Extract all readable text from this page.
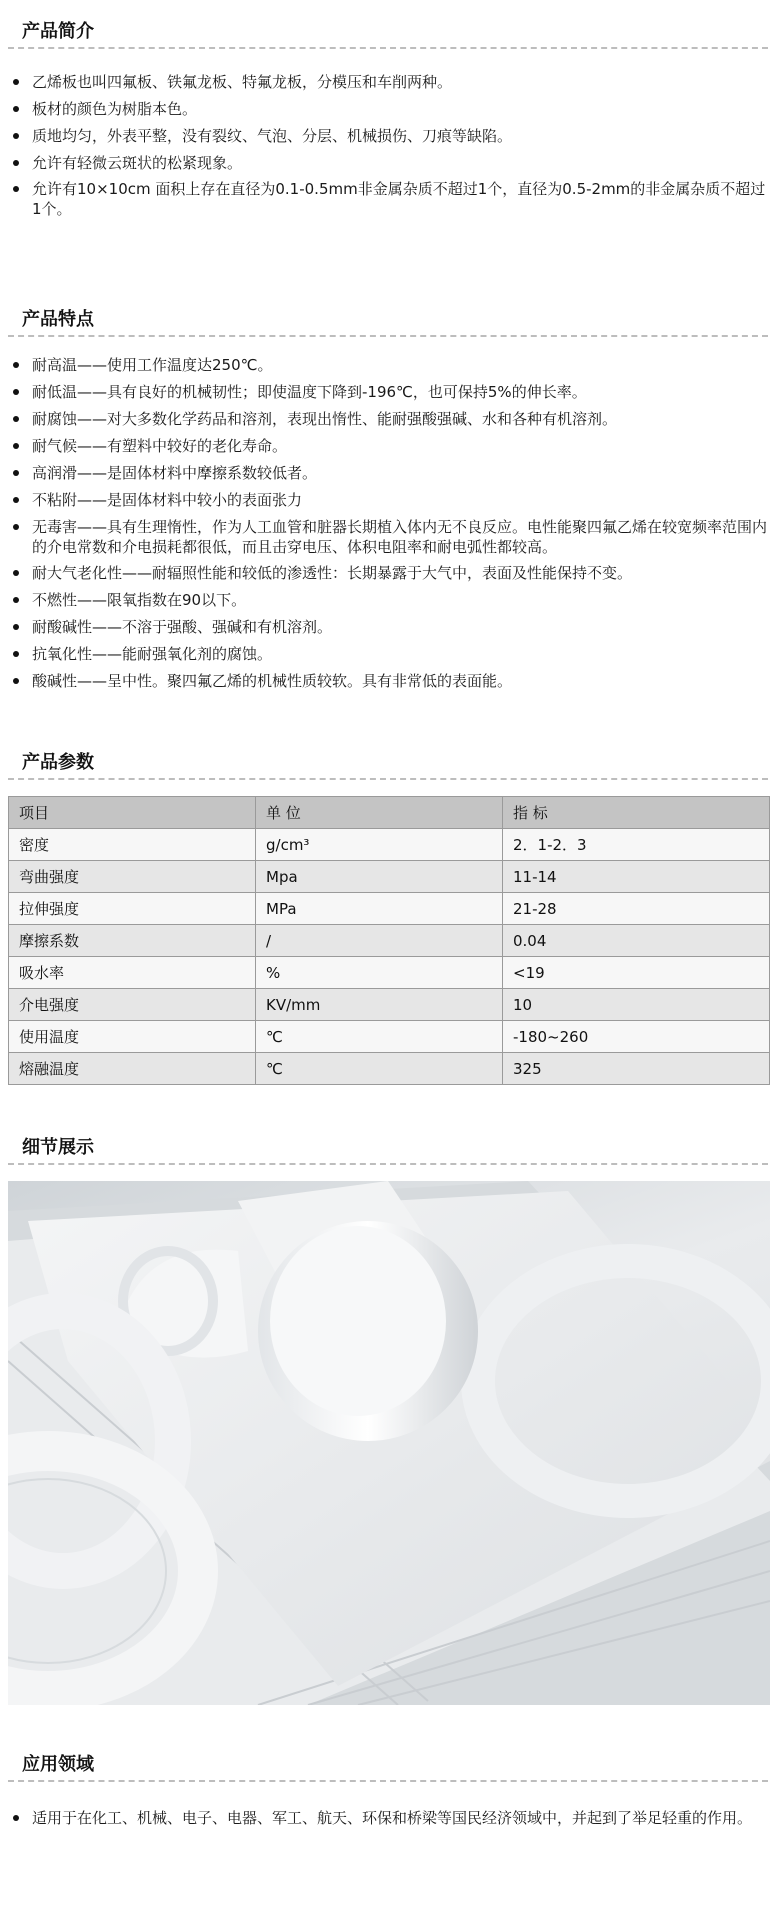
产品简介
乙烯板也叫四氟板、铁氟龙板、特氟龙板，分模压和车削两种。
板材的颜色为树脂本色。
质地均匀，外表平整，没有裂纹、气泡、分层、机械损伤、刀痕等缺陷。
允许有轻微云斑状的松紧现象。
允许有10×10cm 面积上存在直径为0.1-0.5mm非金属杂质不超过1个，直径为0.5-2mm的非金属杂质不超过1个。
产品特点
耐高温——使用工作温度达250℃。
耐低温——具有良好的机械韧性；即使温度下降到-196℃，也可保持5%的伸长率。
耐腐蚀——对大多数化学药品和溶剂，表现出惰性、能耐强酸强碱、水和各种有机溶剂。
耐气候——有塑料中较好的老化寿命。
高润滑——是固体材料中摩擦系数较低者。
不粘附——是固体材料中较小的表面张力
无毒害——具有生理惰性，作为人工血管和脏器长期植入体内无不良反应。电性能聚四氟乙烯在较宽频率范围内的介电常数和介电损耗都很低，而且击穿电压、体积电阻率和耐电弧性都较高。
耐大气老化性——耐辐照性能和较低的渗透性：长期暴露于大气中，表面及性能保持不变。
不燃性——限氧指数在90以下。
耐酸碱性——不溶于强酸、强碱和有机溶剂。
抗氧化性——能耐强氧化剂的腐蚀。
酸碱性——呈中性。聚四氟乙烯的机械性质较软。具有非常低的表面能。
产品参数
项目	单 位	指 标
密度	g/cm³	2．1-2．3
弯曲强度	Mpa	11-14
拉伸强度	MPa	21-28
摩擦系数	/	0.04
吸水率	%	<19
介电强度	KV/mm	10
使用温度	℃	-180~260
熔融温度	℃	325
细节展示
应用领域
适用于在化工、机械、电子、电器、军工、航天、环保和桥梁等国民经济领域中，并起到了举足轻重的作用。
